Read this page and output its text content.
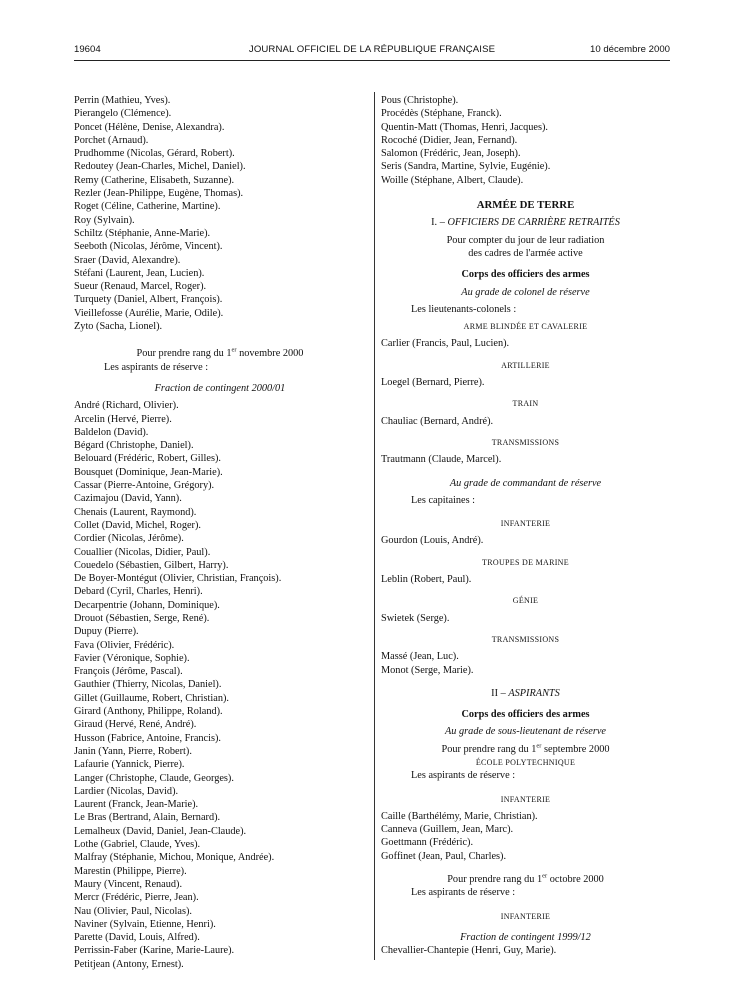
19604	JOURNAL OFFICIEL DE LA RÉPUBLIQUE FRANÇAISE	10 décembre 2000
Perrin (Mathieu, Yves).
Pierangelo (Clémence).
Poncet (Hélène, Denise, Alexandra).
Porchet (Arnaud).
Prudhomme (Nicolas, Gérard, Robert).
Redoutey (Jean-Charles, Michel, Daniel).
Remy (Catherine, Elisabeth, Suzanne).
Rezler (Jean-Philippe, Eugène, Thomas).
Roget (Céline, Catherine, Martine).
Roy (Sylvain).
Schiltz (Stéphanie, Anne-Marie).
Seeboth (Nicolas, Jérôme, Vincent).
Sraer (David, Alexandre).
Stéfani (Laurent, Jean, Lucien).
Sueur (Renaud, Marcel, Roger).
Turquety (Daniel, Albert, François).
Vieillefosse (Aurélie, Marie, Odile).
Zyto (Sacha, Lionel).
Pour prendre rang du 1er novembre 2000
Les aspirants de réserve :
Fraction de contingent 2000/01
André (Richard, Olivier).
Arcelin (Hervé, Pierre).
Baldelon (David).
Bégard (Christophe, Daniel).
Belouard (Frédéric, Robert, Gilles).
Bousquet (Dominique, Jean-Marie).
Cassar (Pierre-Antoine, Grégory).
Cazimajou (David, Yann).
Chenais (Laurent, Raymond).
Collet (David, Michel, Roger).
Cordier (Nicolas, Jérôme).
Couallier (Nicolas, Didier, Paul).
Couedelo (Sébastien, Gilbert, Harry).
De Boyer-Montégut (Olivier, Christian, François).
Debard (Cyril, Charles, Henri).
Decarpentrie (Johann, Dominique).
Drouot (Sébastien, Serge, René).
Dupuy (Pierre).
Fava (Olivier, Frédéric).
Favier (Véronique, Sophie).
François (Jérôme, Pascal).
Gauthier (Thierry, Nicolas, Daniel).
Gillet (Guillaume, Robert, Christian).
Girard (Anthony, Philippe, Roland).
Giraud (Hervé, René, André).
Husson (Fabrice, Antoine, Francis).
Janin (Yann, Pierre, Robert).
Lafaurie (Yannick, Pierre).
Langer (Christophe, Claude, Georges).
Lardier (Nicolas, David).
Laurent (Franck, Jean-Marie).
Le Bras (Bertrand, Alain, Bernard).
Lemalheux (David, Daniel, Jean-Claude).
Lothe (Gabriel, Claude, Yves).
Malfray (Stéphanie, Michou, Monique, Andrée).
Marestin (Philippe, Pierre).
Maury (Vincent, Renaud).
Mercr (Frédéric, Pierre, Jean).
Nau (Olivier, Paul, Nicolas).
Naviner (Sylvain, Etienne, Henri).
Parette (David, Louis, Alfred).
Perrissin-Faber (Karine, Marie-Laure).
Petitjean (Antony, Ernest).
Pous (Christophe).
Procédès (Stéphane, Franck).
Quentin-Matt (Thomas, Henri, Jacques).
Rocoché (Didier, Jean, Fernand).
Salomon (Frédéric, Jean, Joseph).
Seris (Sandra, Martine, Sylvie, Eugénie).
Woille (Stéphane, Albert, Claude).
ARMÉE DE TERRE
I. – OFFICIERS DE CARRIÈRE RETRAITÉS
Pour compter du jour de leur radiation
des cadres de l'armée active
Corps des officiers des armes
Au grade de colonel de réserve
Les lieutenants-colonels :
ARME BLINDÉE ET CAVALERIE
Carlier (Francis, Paul, Lucien).
ARTILLERIE
Loegel (Bernard, Pierre).
TRAIN
Chauliac (Bernard, André).
TRANSMISSIONS
Trautmann (Claude, Marcel).
Au grade de commandant de réserve
Les capitaines :
INFANTERIE
Gourdon (Louis, André).
TROUPES DE MARINE
Leblin (Robert, Paul).
GÉNIE
Swietek (Serge).
TRANSMISSIONS
Massé (Jean, Luc).
Monot (Serge, Marie).
II – ASPIRANTS
Corps des officiers des armes
Au grade de sous-lieutenant de réserve
Pour prendre rang du 1er septembre 2000
ÉCOLE POLYTECHNIQUE
Les aspirants de réserve :
INFANTERIE
Caille (Barthélémy, Marie, Christian).
Canneva (Guillem, Jean, Marc).
Goettmann (Frédéric).
Goffinet (Jean, Paul, Charles).
Pour prendre rang du 1er octobre 2000
Les aspirants de réserve :
INFANTERIE
Fraction de contingent 1999/12
Chevallier-Chantepie (Henri, Guy, Marie).
